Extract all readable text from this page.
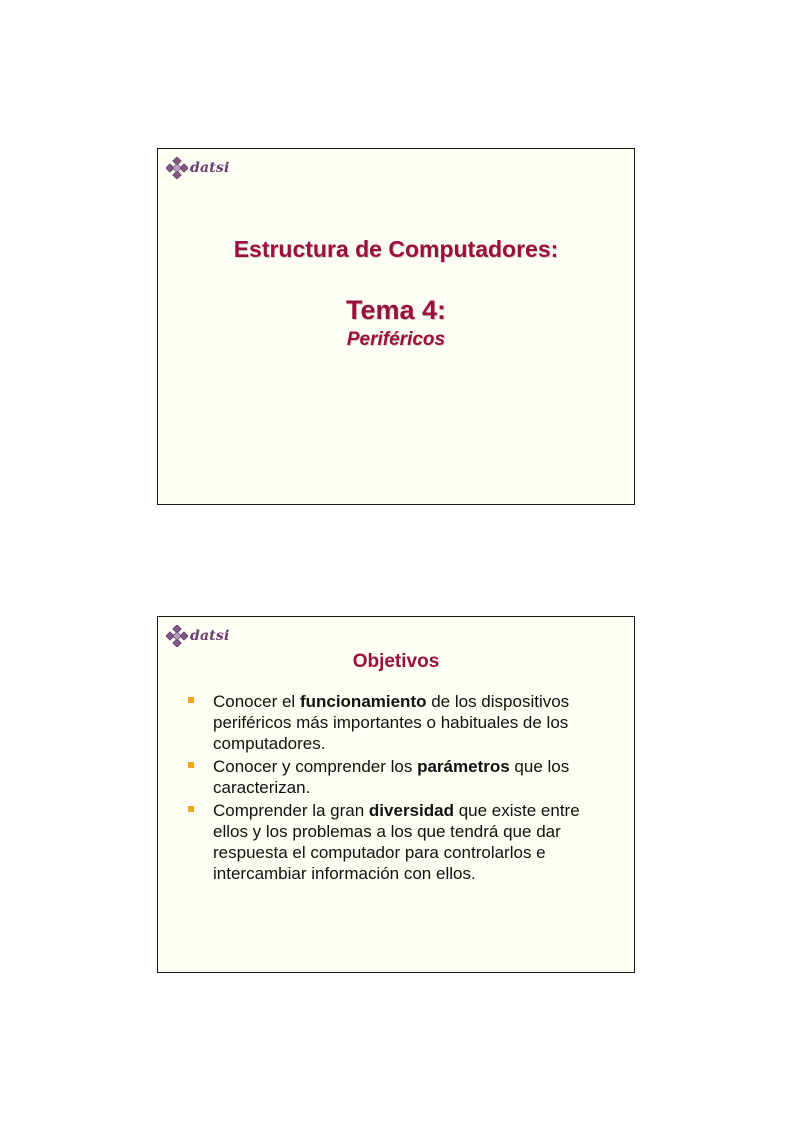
datsi
Estructura de Computadores:
Tema 4:
Periféricos
datsi
Objetivos
Conocer el funcionamiento de los dispositivos periféricos más importantes o habituales de los computadores.
Conocer y comprender los parámetros que los caracterizan.
Comprender la gran diversidad que existe entre ellos y los problemas a los que tendrá que dar respuesta el computador para controlarlos e intercambiar información con ellos.
